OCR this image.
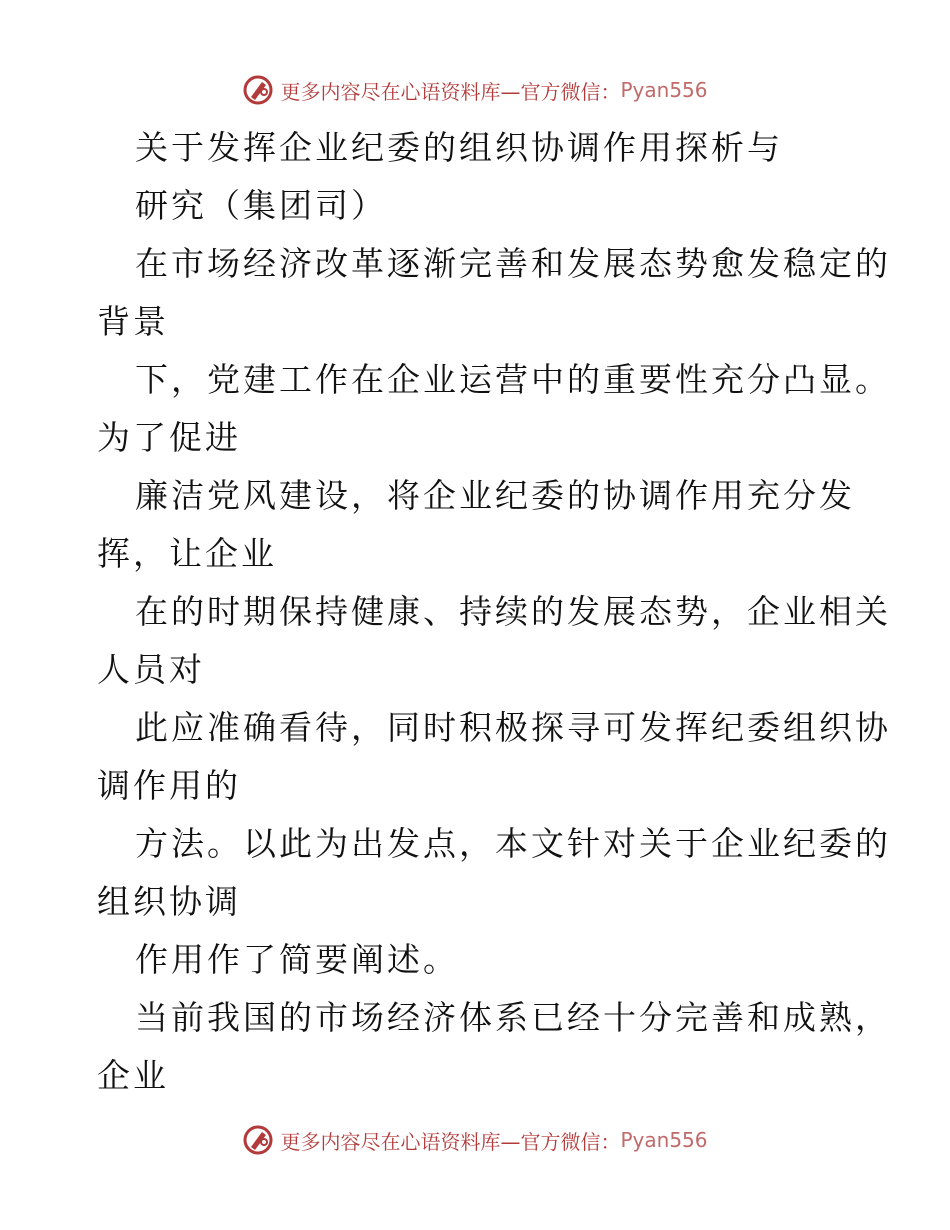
更多内容尽在心语资料库—官方微信： Pyan556
关于发挥企业纪委的组织协调作用探析与
研究（集团司）
在市场经济改革逐渐完善和发展态势愈发稳定的
背景
下，党建工作在企业运营中的重要性充分凸显。
为了促进
廉洁党风建设，将企业纪委的协调作用充分发
挥，让企业
在的时期保持健康、持续的发展态势，企业相关
人员对
此应准确看待，同时积极探寻可发挥纪委组织协
调作用的
方法。以此为出发点，本文针对关于企业纪委的
组织协调
作用作了简要阐述。
当前我国的市场经济体系已经十分完善和成熟，
企业
更多内容尽在心语资料库—官方微信： Pyan556
